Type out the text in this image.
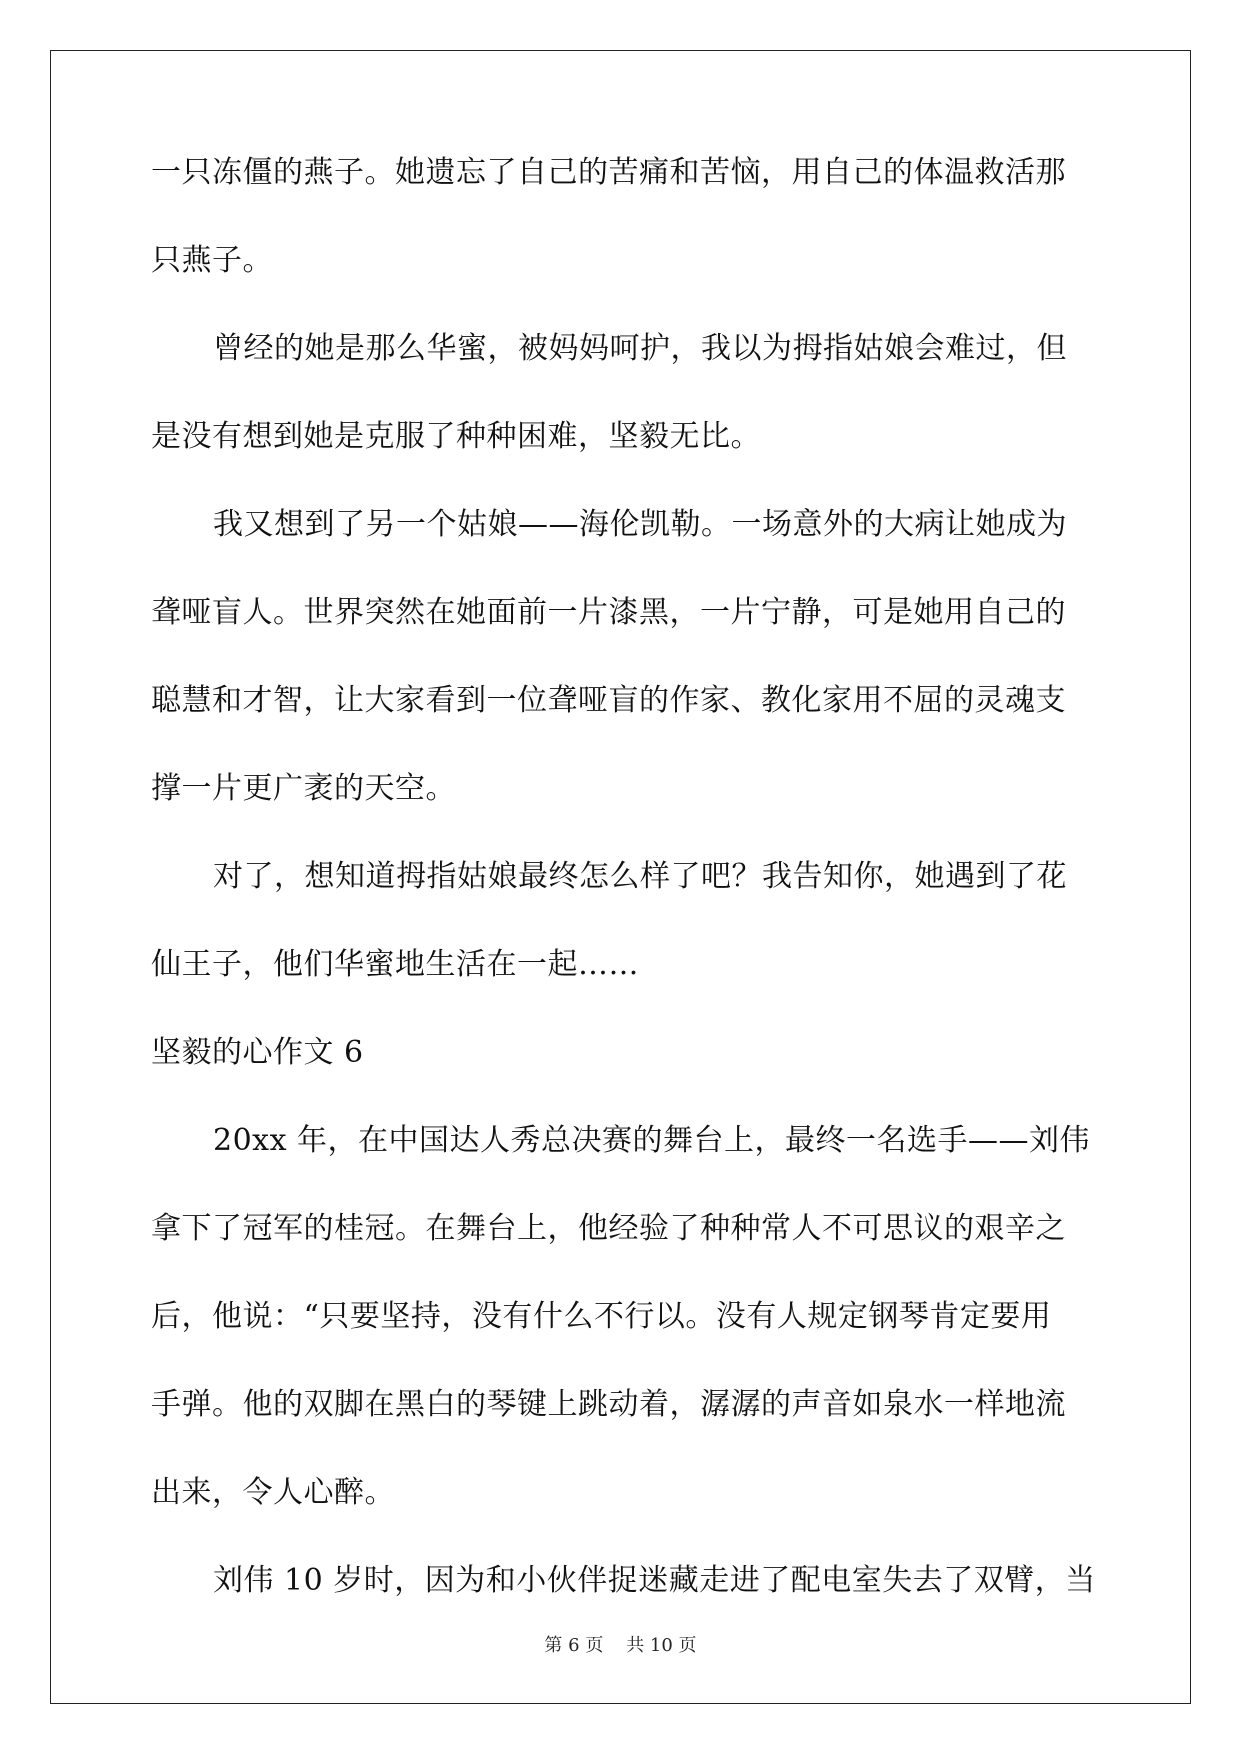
一只冻僵的燕子。她遗忘了自己的苦痛和苦恼，用自己的体温救活那
只燕子。
曾经的她是那么华蜜，被妈妈呵护，我以为拇指姑娘会难过，但
是没有想到她是克服了种种困难，坚毅无比。
我又想到了另一个姑娘——海伦凯勒。一场意外的大病让她成为
聋哑盲人。世界突然在她面前一片漆黑，一片宁静，可是她用自己的
聪慧和才智，让大家看到一位聋哑盲的作家、教化家用不屈的灵魂支
撑一片更广袤的天空。
对了，想知道拇指姑娘最终怎么样了吧？我告知你，她遇到了花
仙王子，他们华蜜地生活在一起……
坚毅的心作文 6
20xx 年，在中国达人秀总决赛的舞台上，最终一名选手——刘伟
拿下了冠军的桂冠。在舞台上，他经验了种种常人不可思议的艰辛之
后，他说：“只要坚持，没有什么不行以。没有人规定钢琴肯定要用
手弹。他的双脚在黑白的琴键上跳动着，潺潺的声音如泉水一样地流
出来，令人心醉。
刘伟 10 岁时，因为和小伙伴捉迷藏走进了配电室失去了双臂，当
第 6 页    共 10 页
